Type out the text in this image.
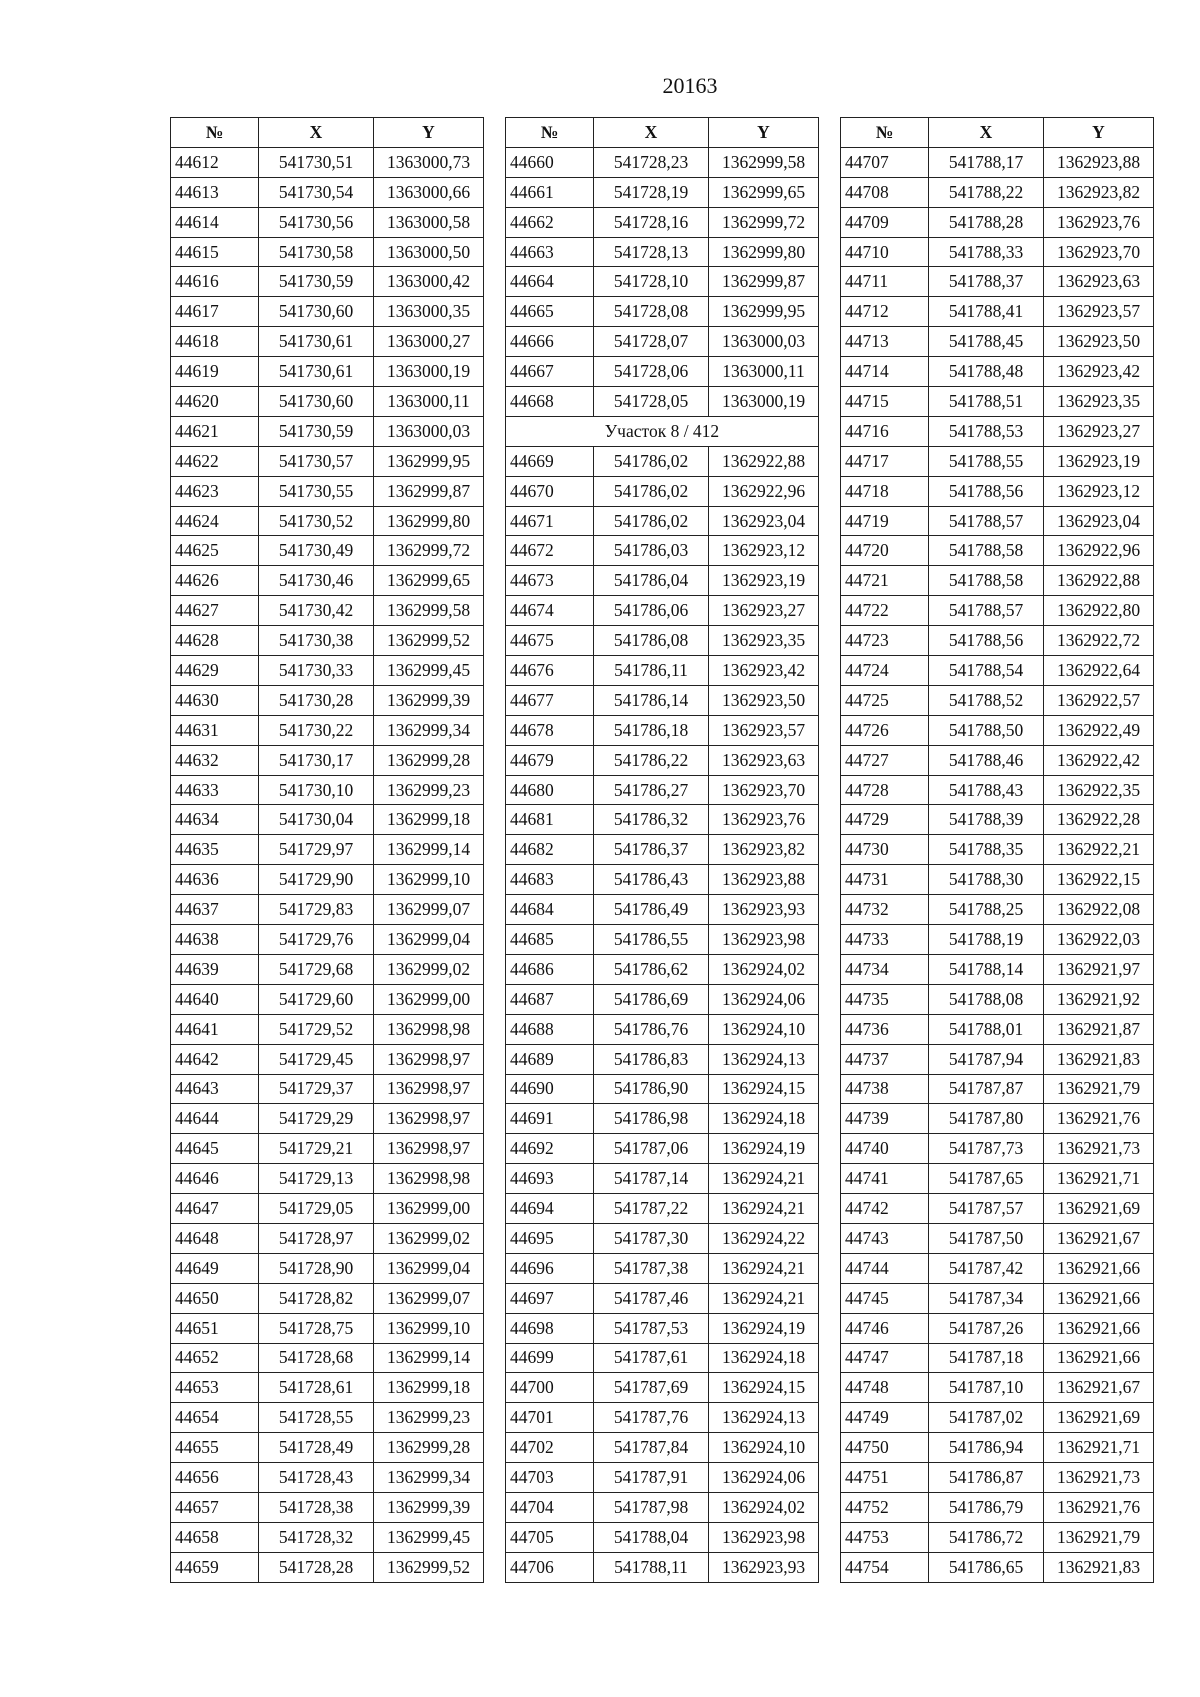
20163
№	X	Y
44612	541730,51	1363000,73
44613	541730,54	1363000,66
44614	541730,56	1363000,58
44615	541730,58	1363000,50
44616	541730,59	1363000,42
44617	541730,60	1363000,35
44618	541730,61	1363000,27
44619	541730,61	1363000,19
44620	541730,60	1363000,11
44621	541730,59	1363000,03
44622	541730,57	1362999,95
44623	541730,55	1362999,87
44624	541730,52	1362999,80
44625	541730,49	1362999,72
44626	541730,46	1362999,65
44627	541730,42	1362999,58
44628	541730,38	1362999,52
44629	541730,33	1362999,45
44630	541730,28	1362999,39
44631	541730,22	1362999,34
44632	541730,17	1362999,28
44633	541730,10	1362999,23
44634	541730,04	1362999,18
44635	541729,97	1362999,14
44636	541729,90	1362999,10
44637	541729,83	1362999,07
44638	541729,76	1362999,04
44639	541729,68	1362999,02
44640	541729,60	1362999,00
44641	541729,52	1362998,98
44642	541729,45	1362998,97
44643	541729,37	1362998,97
44644	541729,29	1362998,97
44645	541729,21	1362998,97
44646	541729,13	1362998,98
44647	541729,05	1362999,00
44648	541728,97	1362999,02
44649	541728,90	1362999,04
44650	541728,82	1362999,07
44651	541728,75	1362999,10
44652	541728,68	1362999,14
44653	541728,61	1362999,18
44654	541728,55	1362999,23
44655	541728,49	1362999,28
44656	541728,43	1362999,34
44657	541728,38	1362999,39
44658	541728,32	1362999,45
44659	541728,28	1362999,52
№	X	Y
44660	541728,23	1362999,58
44661	541728,19	1362999,65
44662	541728,16	1362999,72
44663	541728,13	1362999,80
44664	541728,10	1362999,87
44665	541728,08	1362999,95
44666	541728,07	1363000,03
44667	541728,06	1363000,11
44668	541728,05	1363000,19
Участок 8 / 412		
44669	541786,02	1362922,88
44670	541786,02	1362922,96
44671	541786,02	1362923,04
44672	541786,03	1362923,12
44673	541786,04	1362923,19
44674	541786,06	1362923,27
44675	541786,08	1362923,35
44676	541786,11	1362923,42
44677	541786,14	1362923,50
44678	541786,18	1362923,57
44679	541786,22	1362923,63
44680	541786,27	1362923,70
44681	541786,32	1362923,76
44682	541786,37	1362923,82
44683	541786,43	1362923,88
44684	541786,49	1362923,93
44685	541786,55	1362923,98
44686	541786,62	1362924,02
44687	541786,69	1362924,06
44688	541786,76	1362924,10
44689	541786,83	1362924,13
44690	541786,90	1362924,15
44691	541786,98	1362924,18
44692	541787,06	1362924,19
44693	541787,14	1362924,21
44694	541787,22	1362924,21
44695	541787,30	1362924,22
44696	541787,38	1362924,21
44697	541787,46	1362924,21
44698	541787,53	1362924,19
44699	541787,61	1362924,18
44700	541787,69	1362924,15
44701	541787,76	1362924,13
44702	541787,84	1362924,10
44703	541787,91	1362924,06
44704	541787,98	1362924,02
44705	541788,04	1362923,98
44706	541788,11	1362923,93
№	X	Y
44707	541788,17	1362923,88
44708	541788,22	1362923,82
44709	541788,28	1362923,76
44710	541788,33	1362923,70
44711	541788,37	1362923,63
44712	541788,41	1362923,57
44713	541788,45	1362923,50
44714	541788,48	1362923,42
44715	541788,51	1362923,35
44716	541788,53	1362923,27
44717	541788,55	1362923,19
44718	541788,56	1362923,12
44719	541788,57	1362923,04
44720	541788,58	1362922,96
44721	541788,58	1362922,88
44722	541788,57	1362922,80
44723	541788,56	1362922,72
44724	541788,54	1362922,64
44725	541788,52	1362922,57
44726	541788,50	1362922,49
44727	541788,46	1362922,42
44728	541788,43	1362922,35
44729	541788,39	1362922,28
44730	541788,35	1362922,21
44731	541788,30	1362922,15
44732	541788,25	1362922,08
44733	541788,19	1362922,03
44734	541788,14	1362921,97
44735	541788,08	1362921,92
44736	541788,01	1362921,87
44737	541787,94	1362921,83
44738	541787,87	1362921,79
44739	541787,80	1362921,76
44740	541787,73	1362921,73
44741	541787,65	1362921,71
44742	541787,57	1362921,69
44743	541787,50	1362921,67
44744	541787,42	1362921,66
44745	541787,34	1362921,66
44746	541787,26	1362921,66
44747	541787,18	1362921,66
44748	541787,10	1362921,67
44749	541787,02	1362921,69
44750	541786,94	1362921,71
44751	541786,87	1362921,73
44752	541786,79	1362921,76
44753	541786,72	1362921,79
44754	541786,65	1362921,83
